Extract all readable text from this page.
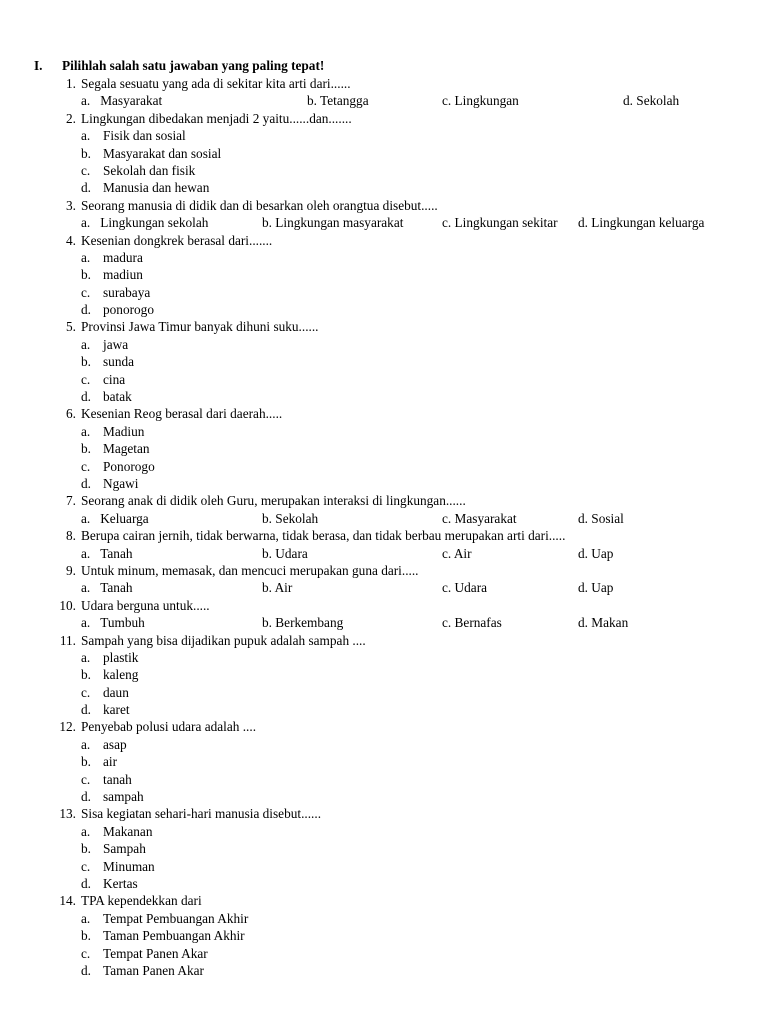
I. Pilihlah salah satu jawaban yang paling tepat!
1. Segala sesuatu yang ada di sekitar kita arti dari......
a.   Masyarakat	b. Tetangga	c. Lingkungan	d. Sekolah
2. Lingkungan dibedakan menjadi 2 yaitu......dan.......
a. Fisik dan sosial
b. Masyarakat dan sosial
c. Sekolah dan fisik
d. Manusia dan hewan
3. Seorang manusia di didik dan di besarkan oleh orangtua disebut.....
a.   Lingkungan sekolah	b. Lingkungan masyarakat	c. Lingkungan sekitar d. Lingkungan keluarga
4. Kesenian dongkrek berasal dari.......
a. madura
b. madiun
c. surabaya
d. ponorogo
5. Provinsi Jawa Timur banyak dihuni suku......
a. jawa
b. sunda
c. cina
d. batak
6. Kesenian Reog berasal dari daerah.....
a. Madiun
b. Magetan
c. Ponorogo
d. Ngawi
7. Seorang anak di didik oleh Guru, merupakan interaksi di lingkungan......
a.   Keluarga	b. Sekolah	c. Masyarakat	d. Sosial
8. Berupa cairan jernih, tidak berwarna, tidak berasa, dan tidak berbau merupakan arti dari.....
a.   Tanah	b. Udara	c. Air	d. Uap
9. Untuk minum, memasak, dan mencuci merupakan guna dari.....
a.   Tanah	b. Air	c. Udara	d. Uap
10. Udara berguna untuk.....
a.   Tumbuh	b. Berkembang	c. Bernafas	d. Makan
11. Sampah yang bisa dijadikan pupuk adalah sampah ....
a. plastik
b. kaleng
c. daun
d. karet
12. Penyebab polusi udara adalah ....
a. asap
b. air
c. tanah
d. sampah
13. Sisa kegiatan sehari-hari manusia disebut......
a. Makanan
b. Sampah
c. Minuman
d. Kertas
14. TPA kependekkan dari
a. Tempat Pembuangan Akhir
b. Taman Pembuangan Akhir
c. Tempat Panen Akar
d. Taman Panen Akar
